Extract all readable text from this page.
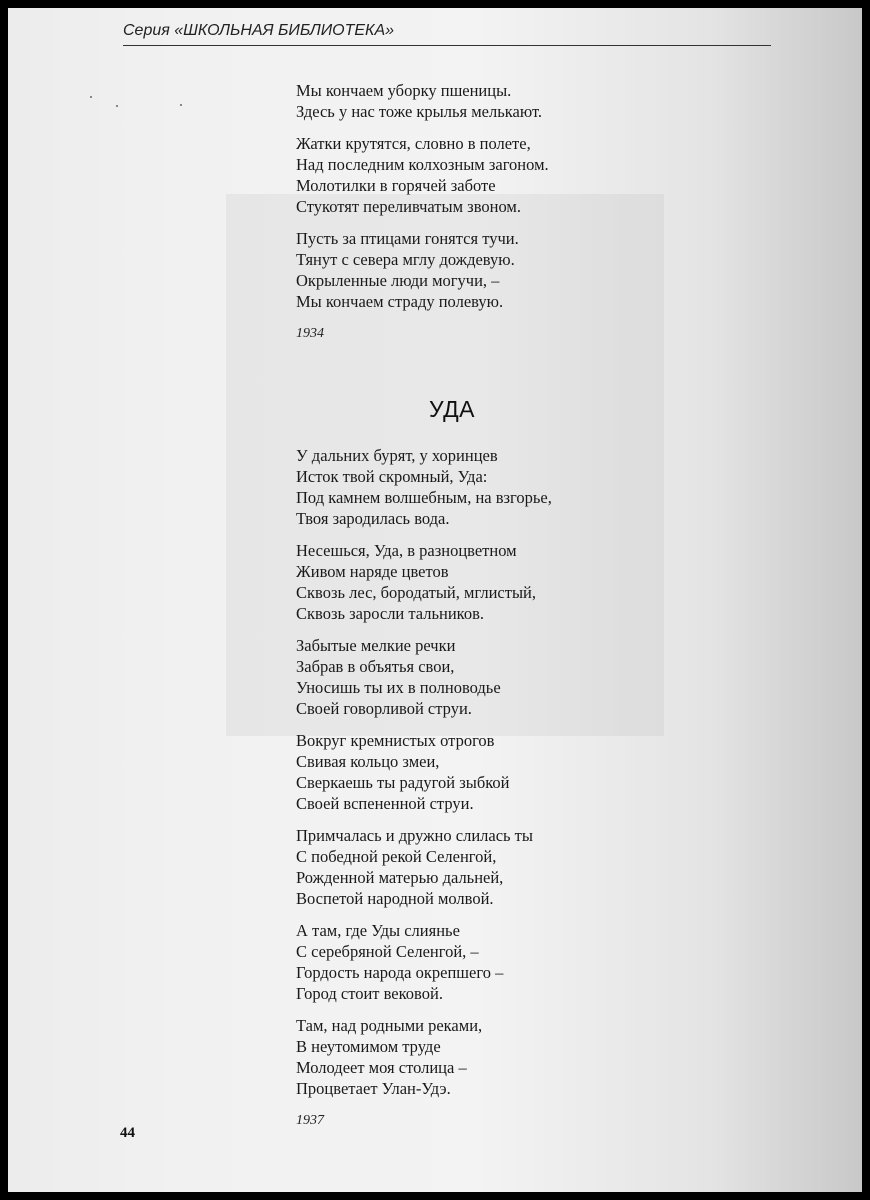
Серия «ШКОЛЬНАЯ БИБЛИОТЕКА»
Мы кончаем уборку пшеницы.
Здесь у нас тоже крылья мелькают.
Жатки крутятся, словно в полете,
Над последним колхозным загоном.
Молотилки в горячей заботе
Стукотят переливчатым звоном.
Пусть за птицами гонятся тучи.
Тянут с севера мглу дождевую.
Окрыленные люди могучи, –
Мы кончаем страду полевую.
1934
УДА
У дальних бурят, у хоринцев
Исток твой скромный, Уда:
Под камнем волшебным, на взгорье,
Твоя зародилась вода.
Несешься, Уда, в разноцветном
Живом наряде цветов
Сквозь лес, бородатый, мглистый,
Сквозь заросли тальников.
Забытые мелкие речки
Забрав в объятья свои,
Уносишь ты их в полноводье
Своей говорливой струи.
Вокруг кремнистых отрогов
Свивая кольцо змеи,
Сверкаешь ты радугой зыбкой
Своей вспененной струи.
Примчалась и дружно слилась ты
С победной рекой Селенгой,
Рожденной матерью дальней,
Воспетой народной молвой.
А там, где Уды слиянье
С серебряной Селенгой, –
Гордость народа окрепшего –
Город стоит вековой.
Там, над родными реками,
В неутомимом труде
Молодеет моя столица –
Процветает Улан-Удэ.
1937
44
